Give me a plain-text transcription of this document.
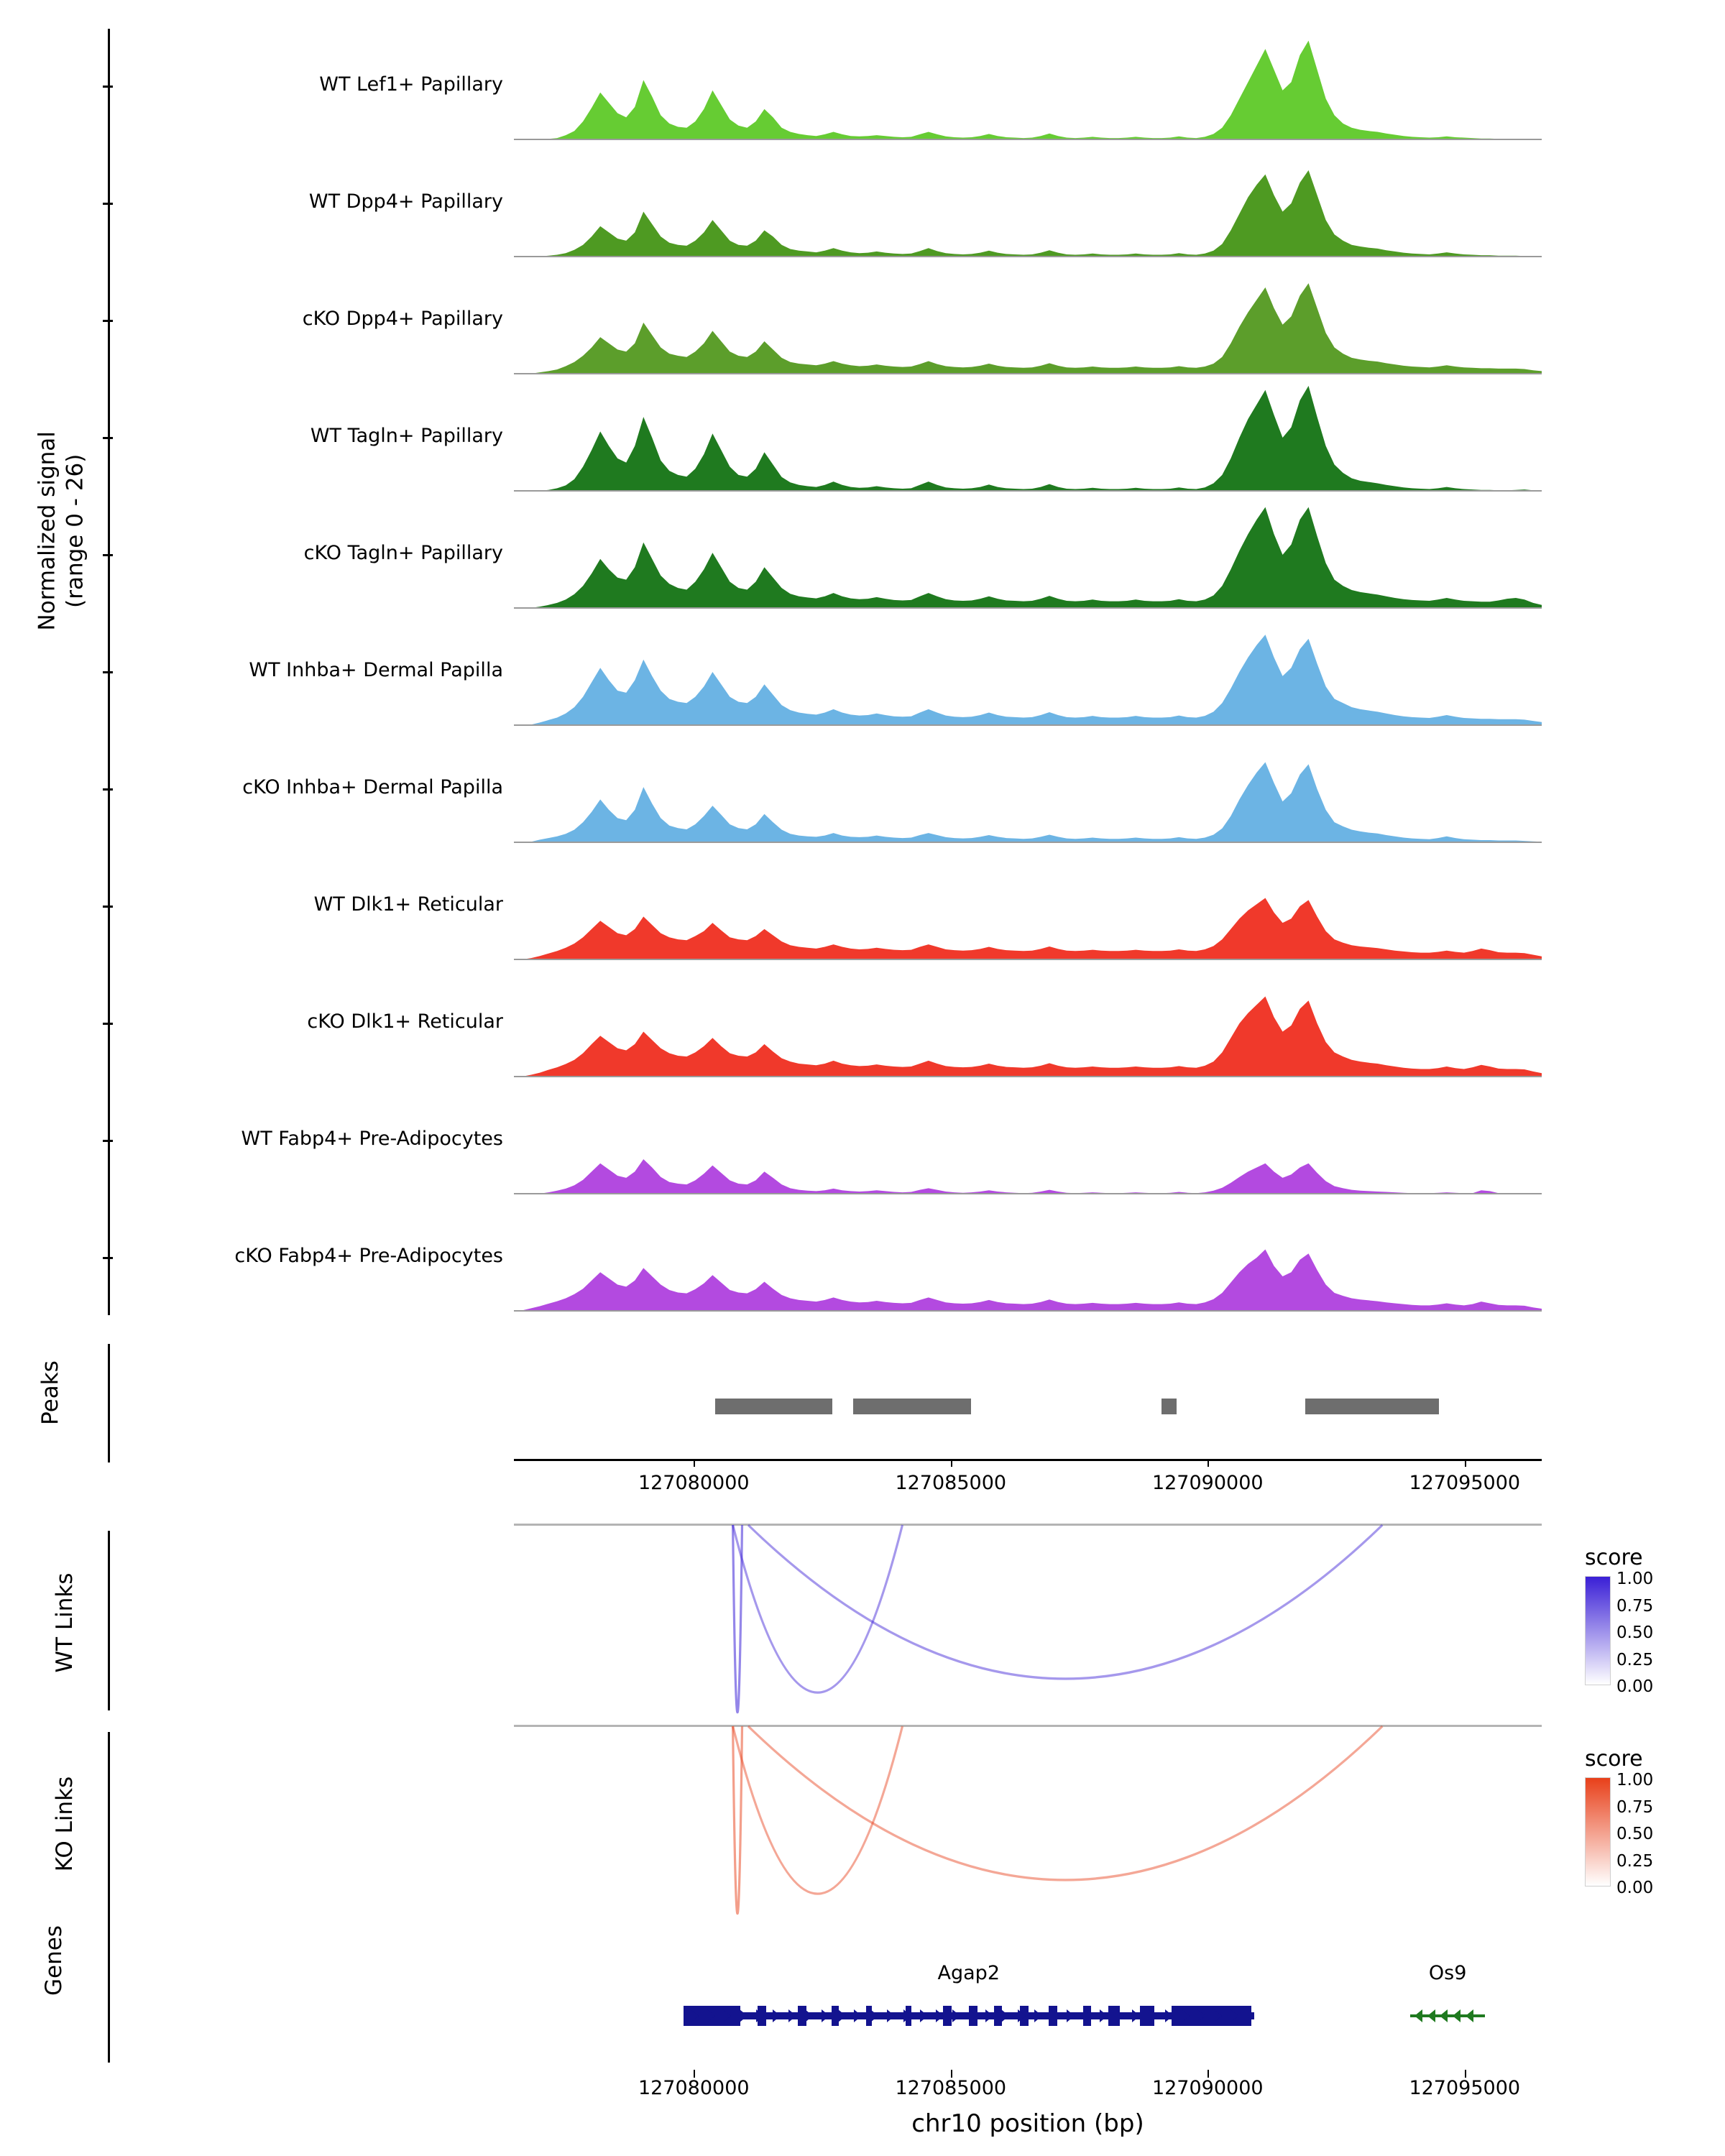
Normalized signal (range 0 - 26)
WT Lef1+ Papillary
WT Dpp4+ Papillary
cKO Dpp4+ Papillary
WT Tagln+ Papillary
cKO Tagln+ Papillary
WT Inhba+ Dermal Papilla
cKO Inhba+ Dermal Papilla
WT Dlk1+ Reticular
cKO Dlk1+ Reticular
WT Fabp4+ Pre-Adipocytes
cKO Fabp4+ Pre-Adipocytes
Peaks
127080000	127085000	127090000	127095000
WT Links
score
1.00
0.75
0.50
0.25
0.00
KO Links
score
1.00
0.75
0.50
0.25
0.00
Genes	Agap2	Os9
127080000	127085000	127090000	127095000
chr10 position (bp)
